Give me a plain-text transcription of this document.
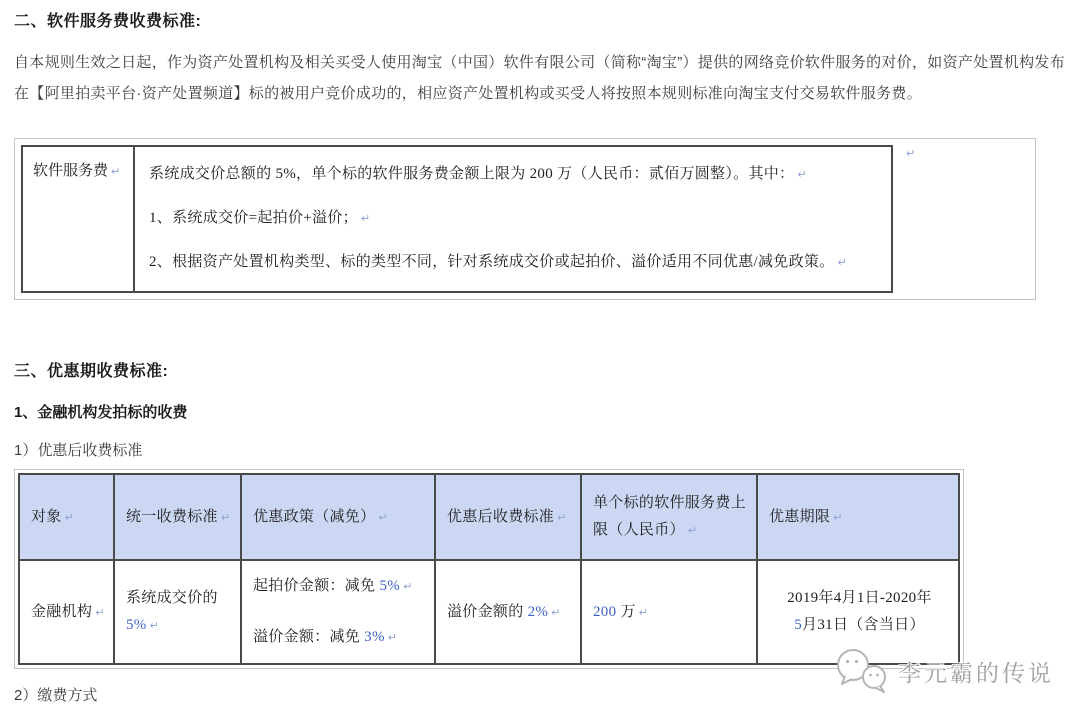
二、软件服务费收费标准:

自本规则生效之日起，作为资产处置机构及相关买受人使用淘宝（中国）软件有限公司（简称“淘宝”）提供的网络竞价软件服务的对价，如资产处置机构发布在【阿里拍卖平台·资产处置频道】标的被用户竞价成功的，相应资产处置机构或买受人将按照本规则标准向淘宝支付交易软件服务费。

↵
软件服务费 ↵	系统成交价总额的 5%，单个标的软件服务费金额上限为 200 万（人民币：贰佰万圆整）。其中： ↵

1、系统成交价=起拍价+溢价； ↵

2、根据资产处置机构类型、标的类型不同，针对系统成交价或起拍价、溢价适用不同优惠/减免政策。 ↵

三、优惠期收费标准:
1、金融机构发拍标的收费

1）优惠后收费标准

对象 ↵	统一收费标准 ↵	优惠政策（减免） ↵	优惠后收费标准 ↵	单个标的软件服务费上限（人民币） ↵	优惠期限 ↵
金融机构 ↵	系统成交价的 5% ↵	

起拍价金额：减免 5% ↵

溢价金额：减免 3% ↵

	溢价金额的 2% ↵	200 万 ↵	2019年4月1日-2020年
5月31日（含当日）

2）缴费方式

李元霸的传说
